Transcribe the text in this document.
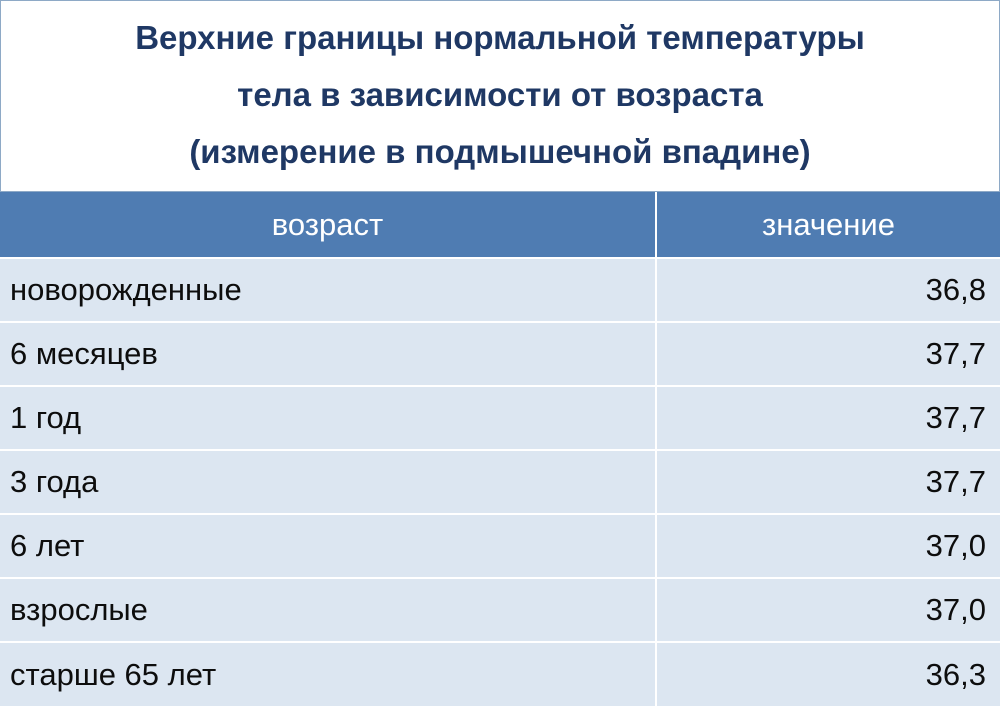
Верхние границы нормальной температуры
тела в зависимости от возраста
(измерение в подмышечной впадине)
возраст	значение
новорожденные	36,8
6 месяцев	37,7
1 год	37,7
3 года	37,7
6 лет	37,0
взрослые	37,0
старше 65 лет	36,3
